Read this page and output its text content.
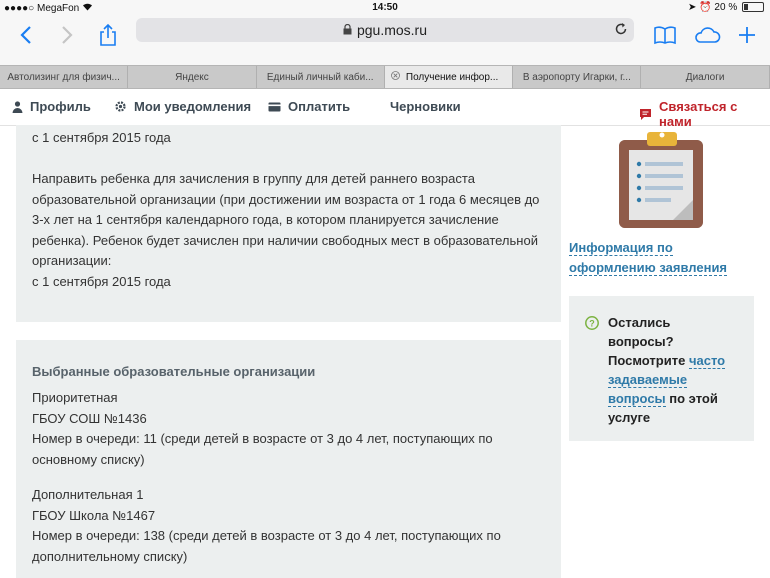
●●●●○ MegaFon	14:50	➤ ⏰ 20 %
pgu.mos.ru
Автолизинг для физич...	Яндекс	Единый личный каби...	Получение инфор... В аэропорту Игарки, г...	Диалоги
Профиль	Мои уведомления	Оплатить	Черновики	Связаться с нами
с 1 сентября 2015 года
Направить ребенка для зачисления в группу для детей раннего возраста
образовательной организации (при достижении им возраста от 1 года 6 месяцев до
3-х лет на 1 сентября календарного года, в котором планируется зачисление
ребенка). Ребенок будет зачислен при наличии свободных мест в образовательной
организации:
с 1 сентября 2015 года
Выбранные образовательные организации
Приоритетная
ГБОУ СОШ №1436
Номер в очереди: 11 (среди детей в возрасте от 3 до 4 лет, поступающих по
основному списку)
Дополнительная 1
ГБОУ Школа №1467
Номер в очереди: 138 (среди детей в возрасте от 3 до 4 лет, поступающих по
дополнительному списку)
Информация по
оформлению заявления
? Остались
вопросы?
Посмотрите часто
задаваемые
вопросы по этой
услуге
